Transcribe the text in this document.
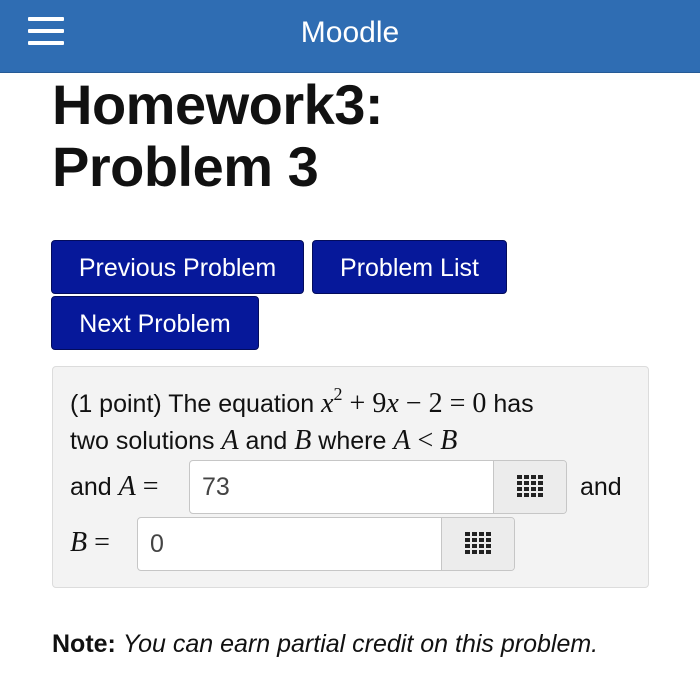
Moodle
Homework3:
Problem 3
Previous Problem	Problem List
Next Problem
(1 point) The equation $x^2 + 9x - 2 = 0$ has
two solutions A and B where A < B
and A = 73	and
B = 0
Note: You can earn partial credit on this problem.
